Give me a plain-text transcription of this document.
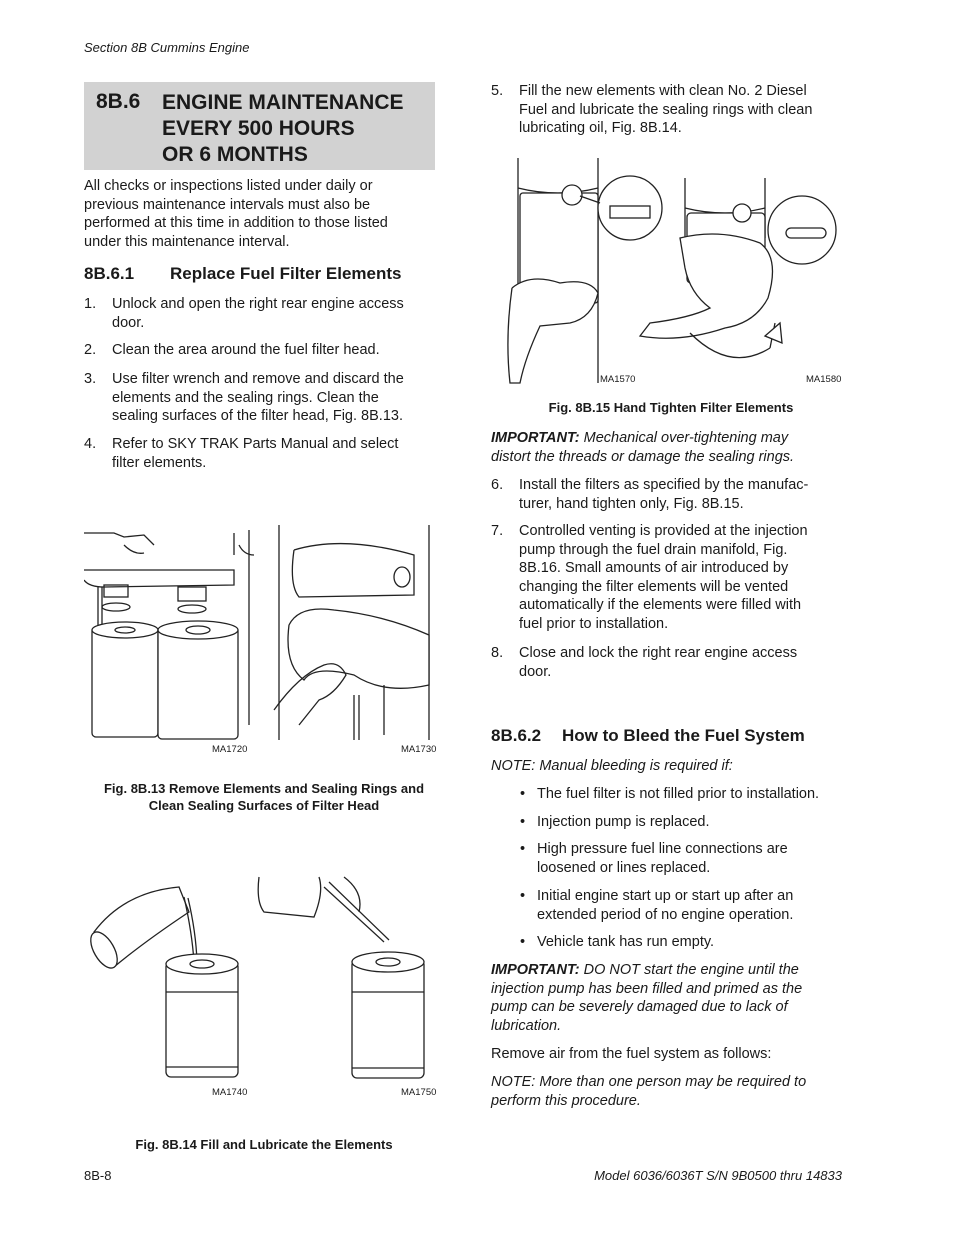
Section 8B Cummins Engine
8B.6 ENGINE MAINTENANCE
EVERY 500 HOURS
OR 6 MONTHS

All checks or inspections listed under daily or

previous maintenance intervals must also be

performed at this time in addition to those listed

under this maintenance interval.

8B.6.1 Replace Fuel Filter Elements
1. Unlock and open the right rear engine access
door.
2. Clean the area around the fuel filter head.
3. Use filter wrench and remove and discard the
elements and the sealing rings. Clean the
sealing surfaces of the filter head, Fig. 8B.13.
4. Refer to SKY TRAK Parts Manual and select
filter elements.
MA1720	MA1730
Fig. 8B.13 Remove Elements and Sealing Rings and
Clean Sealing Surfaces of Filter Head
MA1740	MA1750
Fig. 8B.14 Fill and Lubricate the Elements
5. Fill the new elements with clean No. 2 Diesel
Fuel and lubricate the sealing rings with clean
lubricating oil, Fig. 8B.14.
MA1570	MA1580
Fig. 8B.15 Hand Tighten Filter Elements

IMPORTANT: Mechanical over-tightening may

distort the threads or damage the sealing rings.

6. Install the filters as specified by the manufac-
turer, hand tighten only, Fig. 8B.15.
7. Controlled venting is provided at the injection
pump through the fuel drain manifold, Fig.
8B.16. Small amounts of air introduced by
changing the filter elements will be vented
automatically if the elements were filled with
fuel prior to installation.
8. Close and lock the right rear engine access
door.
8B.6.2 How to Bleed the Fuel System

NOTE: Manual bleeding is required if:

• The fuel filter is not filled prior to installation.
• Injection pump is replaced.
• High pressure fuel line connections are
loosened or lines replaced.
• Initial engine start up or start up after an
extended period of no engine operation.
• Vehicle tank has run empty.

IMPORTANT: DO NOT start the engine until the

injection pump has been filled and primed as the

pump can be severely damaged due to lack of

lubrication.

Remove air from the fuel system as follows:

NOTE: More than one person may be required to

perform this procedure.

8B-8	Model 6036/6036T S/N 9B0500 thru 14833
